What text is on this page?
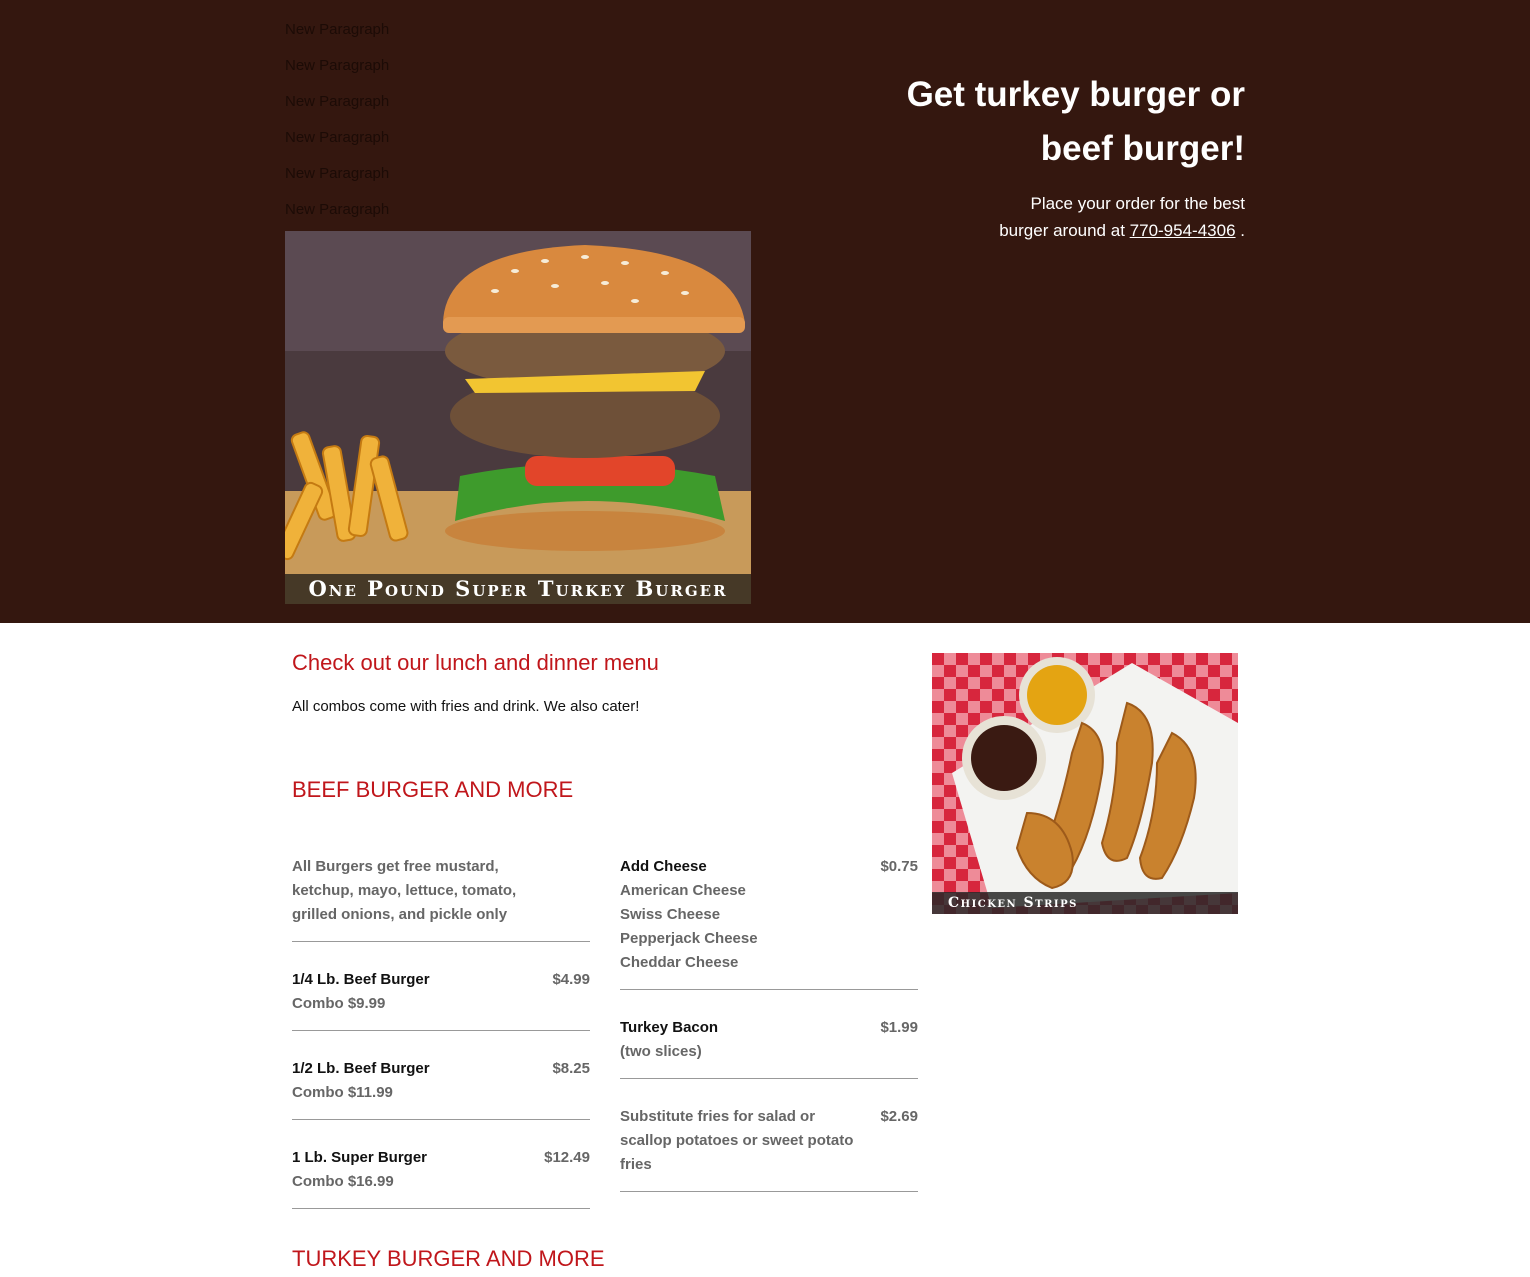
New Paragraph
New Paragraph
New Paragraph
New Paragraph
New Paragraph
New Paragraph
One Pound Super Turkey Burger
Get turkey burger or
beef burger!
Place your order for the best burger around at 770-954-4306 .
Check out our lunch and dinner menu
All combos come with fries and drink. We also cater!
BEEF BURGER AND MORE
All Burgers get free mustard, ketchup, mayo, lettuce, tomato, grilled onions, and pickle only
1/4 Lb. Beef Burger
Combo $9.99
$4.99
1/2 Lb. Beef Burger
Combo $11.99
$8.25
1 Lb. Super Burger
Combo $16.99
$12.49
Add Cheese
American Cheese
Swiss Cheese
Pepperjack Cheese
Cheddar Cheese
$0.75
Turkey Bacon
(two slices)
$1.99
Substitute fries for salad or scallop potatoes or sweet potato fries
$2.69
Chicken Strips
TURKEY BURGER AND MORE
